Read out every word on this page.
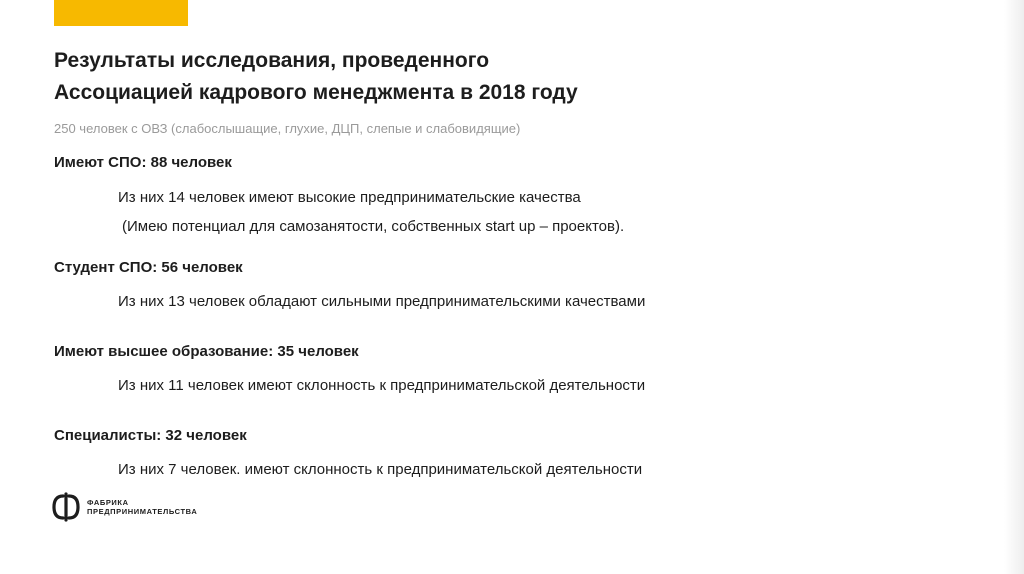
Результаты исследования, проведенного
Ассоциацией кадрового менеджмента в 2018 году
250 человек с ОВЗ (слабослышащие, глухие, ДЦП, слепые и слабовидящие)
Имеют СПО: 88 человек
Из них 14 человек имеют высокие предпринимательские качества
(Имею потенциал для самозанятости, собственных start up – проектов).
Студент СПО: 56 человек
Из них 13 человек обладают сильными предпринимательскими качествами
Имеют высшее образование: 35 человек
Из них 11 человек имеют склонность к предпринимательской деятельности
Специалисты: 32 человек
Из них 7 человек. имеют склонность к предпринимательской деятельности
ФАБРИКА
ПРЕДПРИНИМАТЕЛЬСТВА
